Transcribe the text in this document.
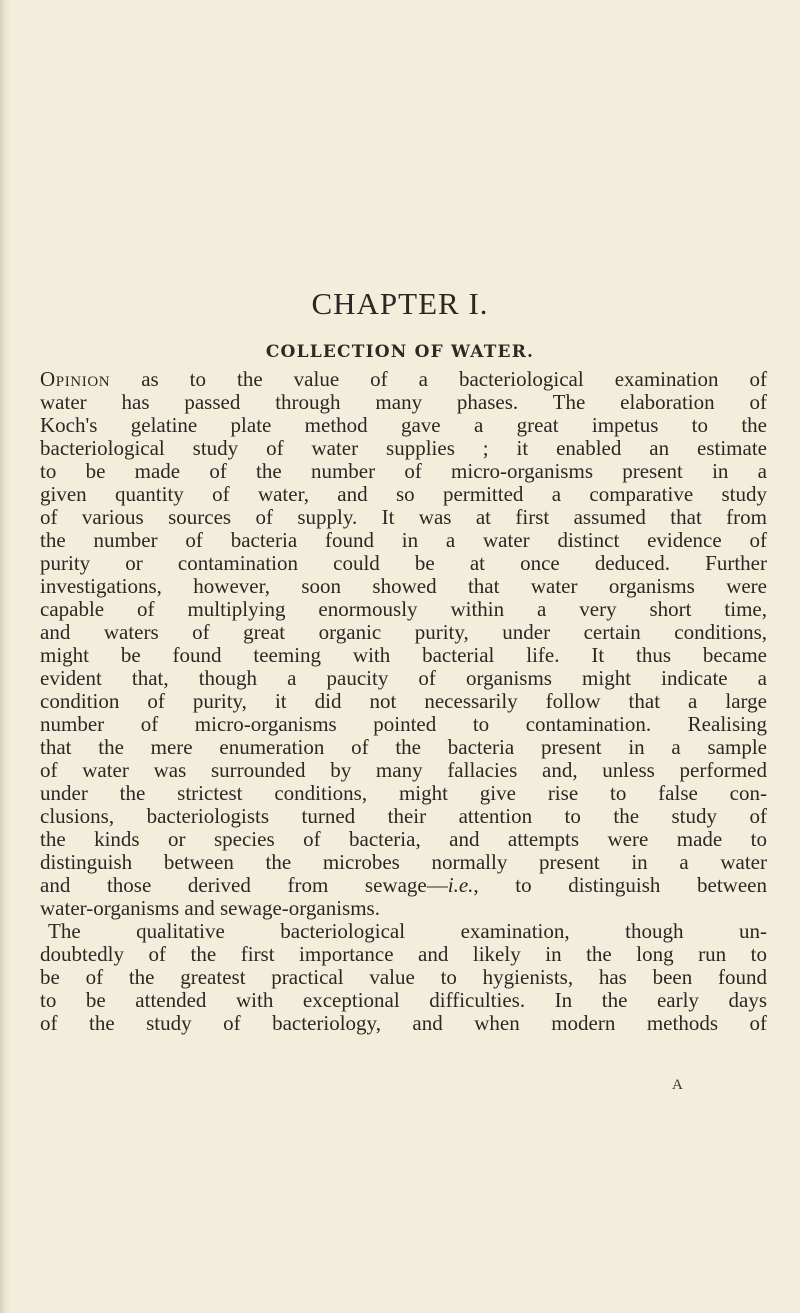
CHAPTER I.
COLLECTION OF WATER.
Opinion as to the value of a bacteriological examination of
water has passed through many phases. The elaboration of
Koch's gelatine plate method gave a great impetus to the
bacteriological study of water supplies ; it enabled an estimate
to be made of the number of micro-organisms present in a
given quantity of water, and so permitted a comparative study
of various sources of supply. It was at first assumed that from
the number of bacteria found in a water distinct evidence of
purity or contamination could be at once deduced. Further
investigations, however, soon showed that water organisms were
capable of multiplying enormously within a very short time,
and waters of great organic purity, under certain conditions,
might be found teeming with bacterial life. It thus became
evident that, though a paucity of organisms might indicate a
condition of purity, it did not necessarily follow that a large
number of micro-organisms pointed to contamination. Realising
that the mere enumeration of the bacteria present in a sample
of water was surrounded by many fallacies and, unless performed
under the strictest conditions, might give rise to false con-
clusions, bacteriologists turned their attention to the study of
the kinds or species of bacteria, and attempts were made to
distinguish between the microbes normally present in a water
and those derived from sewage—i.e., to distinguish between
water-organisms and sewage-organisms.
The qualitative bacteriological examination, though un-
doubtedly of the first importance and likely in the long run to
be of the greatest practical value to hygienists, has been found
to be attended with exceptional difficulties. In the early days
of the study of bacteriology, and when modern methods of
A
